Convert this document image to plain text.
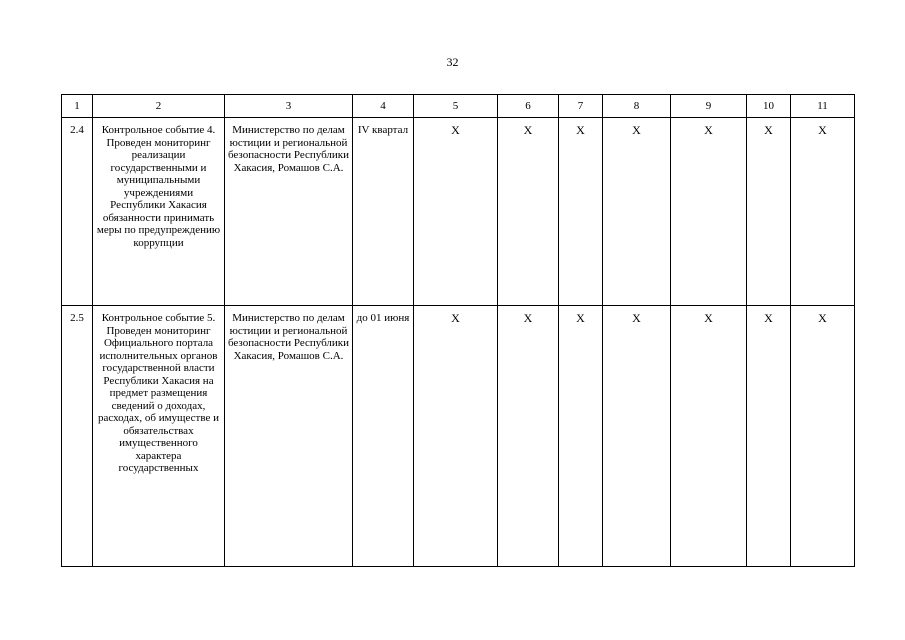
32
1	2	3	4	5	6	7	8	9	10	11
2.4	Контрольное событие 4. Проведен мониторинг реализации государственными и муниципальными учреждениями Республики Хакасия обязанности принимать меры по предупреждению коррупции	Министерство по делам юстиции и региональной безопасности Республики Хакасия, Ромашов С.А.	IV квартал	X	X	X	X	X	X	X
2.5	Контрольное событие 5. Проведен мониторинг Официального портала исполнительных органов государственной власти Республики Хакасия на предмет размещения сведений о доходах, расходах, об имуществе и обязательствах имущественного характера государственных	Министерство по делам юстиции и региональной безопасности Республики Хакасия, Ромашов С.А.	до 01 июня	X	X	X	X	X	X	X
